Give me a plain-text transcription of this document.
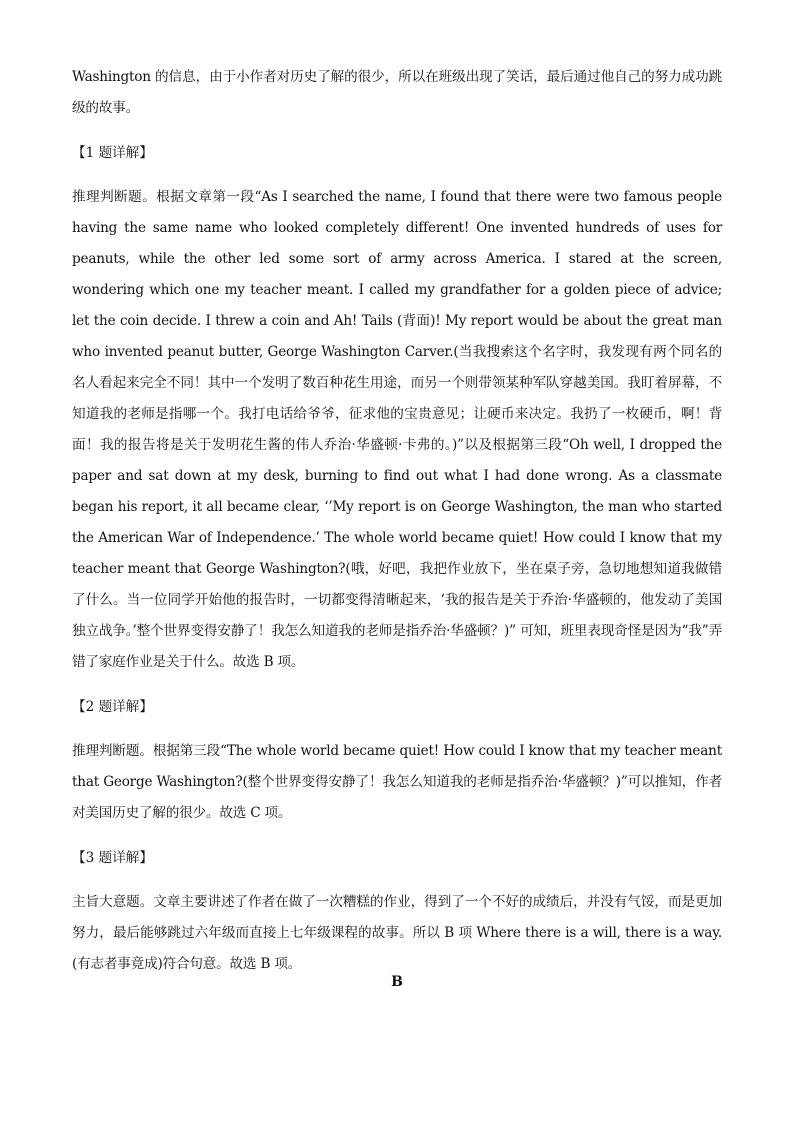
Washington 的信息，由于小作者对历史了解的很少，所以在班级出现了笑话，最后通过他自己的努力成功跳级的故事。

【1 题详解】

推理判断题。根据文章第一段“As I searched the name, I found that there were two famous people having the same name who looked completely different! One invented hundreds of uses for peanuts, while the other led some sort of army across America. I stared at the screen, wondering which one my teacher meant. I called my grandfather for a golden piece of advice; let the coin decide. I threw a coin and Ah! Tails (背面)! My report would be about the great man who invented peanut butter, George Washington Carver.(当我搜索这个名字时，我发现有两个同名的名人看起来完全不同！其中一个发明了数百种花生用途，而另一个则带领某种军队穿越美国。我盯着屏幕，不知道我的老师是指哪一个。我打电话给爷爷，征求他的宝贵意见；让硬币来决定。我扔了一枚硬币，啊！背面！我的报告将是关于发明花生酱的伟人乔治·华盛顿·卡弗的。)”以及根据第三段“Oh well, I dropped the paper and sat down at my desk, burning to find out what I had done wrong. As a classmate began his report, it all became clear, ‘’My report is on George Washington, the man who started the American War of Independence.’ The whole world became quiet! How could I know that my teacher meant that George Washington?(哦，好吧，我把作业放下，坐在桌子旁，急切地想知道我做错了什么。当一位同学开始他的报告时，一切都变得清晰起来，‘我的报告是关于乔治·华盛顿的，他发动了美国独立战争。’整个世界变得安静了！我怎么知道我的老师是指乔治·华盛顿？)” 可知，班里表现奇怪是因为“我”弄错了家庭作业是关于什么。故选 B 项。

【2 题详解】

推理判断题。根据第三段“The whole world became quiet! How could I know that my teacher meant that George Washington?(整个世界变得安静了！我怎么知道我的老师是指乔治·华盛顿？)”可以推知，作者对美国历史了解的很少。故选 C 项。

【3 题详解】

主旨大意题。文章主要讲述了作者在做了一次糟糕的作业，得到了一个不好的成绩后，并没有气馁，而是更加努力，最后能够跳过六年级而直接上七年级课程的故事。所以 B 项 Where there is a will, there is a way.(有志者事竟成)符合句意。故选 B 项。

B
